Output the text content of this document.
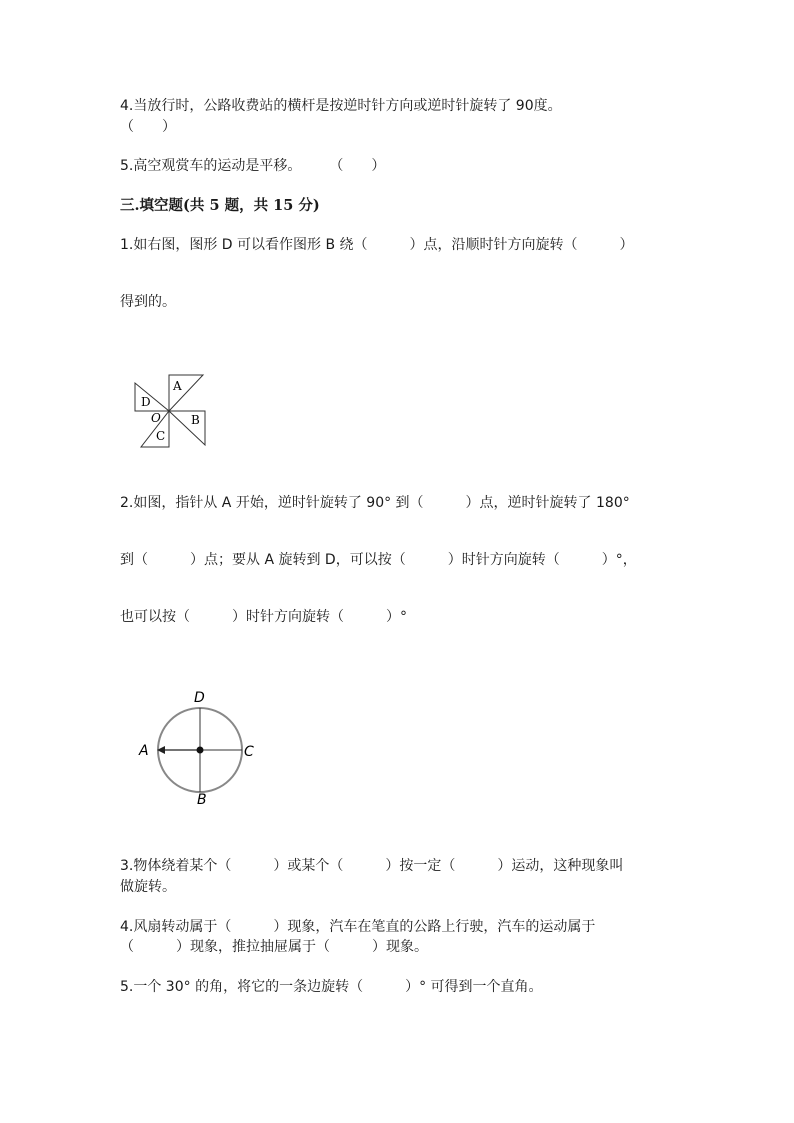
4.当放行时，公路收费站的横杆是按逆时针方向或逆时针旋转了 90度。
（　　）
5.高空观赏车的运动是平移。　　　（　　）
三.填空题(共 5 题，共 15 分)
1.如右图，图形 D 可以看作图形 B 绕（　　　）点，沿顺时针方向旋转（　　　）
得到的。
A
B
C
D
O
2.如图，指针从 A 开始，逆时针旋转了 90° 到（　　　）点，逆时针旋转了 180°
到（　　　）点；要从 A 旋转到 D，可以按（　　　）时针方向旋转（　　　）°，
也可以按（　　　）时针方向旋转（　　　）°
D
A	C
B
3.物体绕着某个（　　　）或某个（　　　）按一定（　　　）运动，这种现象叫
做旋转。
4.风扇转动属于（　　　）现象，汽车在笔直的公路上行驶，汽车的运动属于
（　　　）现象，推拉抽屉属于（　　　）现象。
5.一个 30° 的角，将它的一条边旋转（　　　）° 可得到一个直角。
